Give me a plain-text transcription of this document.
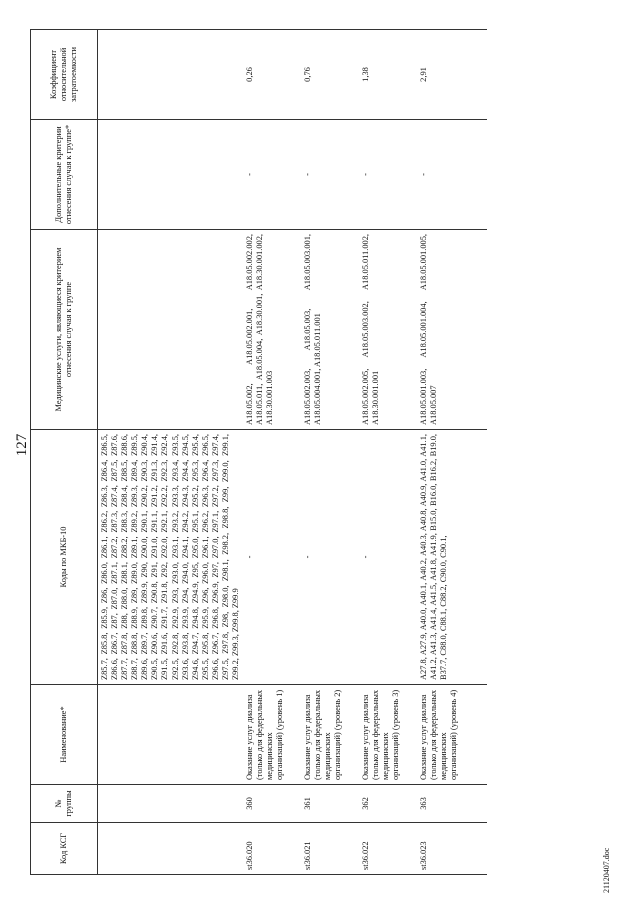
127
Код КСГ	№ группы	Наименование*	Коды по МКБ-10	Медицинские услуги, являющиеся критерием отнесения случая к группе	Дополнительные критерии отнесения случая к группе*	Коэффициент относительной затратоемкости
			Z85.7, Z85.8, Z85.9, Z86, Z86.0, Z86.1, Z86.2, Z86.3, Z86.4, Z86.5, Z86.6, Z86.7, Z87, Z87.0, Z87.1, Z87.2, Z87.3, Z87.4, Z87.5, Z87.6, Z87.7, Z87.8, Z88, Z88.0, Z88.1, Z88.2, Z88.3, Z88.4, Z88.5, Z88.6, Z88.7, Z88.8, Z88.9, Z89, Z89.0, Z89.1, Z89.2, Z89.3, Z89.4, Z89.5, Z89.6, Z89.7, Z89.8, Z89.9, Z90, Z90.0, Z90.1, Z90.2, Z90.3, Z90.4, Z90.5, Z90.6, Z90.7, Z90.8, Z91, Z91.0, Z91.1, Z91.2, Z91.3, Z91.4, Z91.5, Z91.6, Z91.7, Z91.8, Z92, Z92.0, Z92.1, Z92.2, Z92.3, Z92.4, Z92.5, Z92.8, Z92.9, Z93, Z93.0, Z93.1, Z93.2, Z93.3, Z93.4, Z93.5, Z93.6, Z93.8, Z93.9, Z94, Z94.0, Z94.1, Z94.2, Z94.3, Z94.4, Z94.5, Z94.6, Z94.7, Z94.8, Z94.9, Z95, Z95.0, Z95.1, Z95.2, Z95.3, Z95.4, Z95.5, Z95.8, Z95.9, Z96, Z96.0, Z96.1, Z96.2, Z96.3, Z96.4, Z96.5, Z96.6, Z96.7, Z96.8, Z96.9, Z97, Z97.0, Z97.1, Z97.2, Z97.3, Z97.4, Z97.5, Z97.8, Z98, Z98.0, Z98.1, Z98.2, Z98.8, Z99, Z99.0, Z99.1, Z99.2, Z99.3, Z99.8, Z99.9			
st36.020	360	Оказание услуг диализа (только для федеральных медицинских организаций) (уровень 1)	-	A18.05.002, A18.05.002.001, A18.05.002.002, A18.05.011, A18.05.004, A18.30.001, A18.30.001.002, A18.30.001.003	-	0,26
st36.021	361	Оказание услуг диализа (только для федеральных медицинских организаций) (уровень 2)	-	A18.05.002.003, A18.05.003, A18.05.003.001, A18.05.004.001, A18.05.011.001	-	0,76
st36.022	362	Оказание услуг диализа (только для федеральных медицинских организаций) (уровень 3)	-	A18.05.002.005, A18.05.003.002, A18.05.011.002, A18.30.001.001	-	1,38
st36.023	363	Оказание услуг диализа (только для федеральных медицинских организаций) (уровень 4)	A27.8, A27.9, A40.0, A40.1, A40.2, A40.3, A40.8, A40.9, A41.0, A41.1, A41.2, A41.3, A41.4, A41.5, A41.8, A41.9, B15.0, B16.0, B16.2, B19.0, B37.7, C88.0, C88.1, C88.2, C90.0, C90.1,	A18.05.001.003, A18.05.001.004, A18.05.001.005, A18.05.007	-	2,91
21120407.doc
